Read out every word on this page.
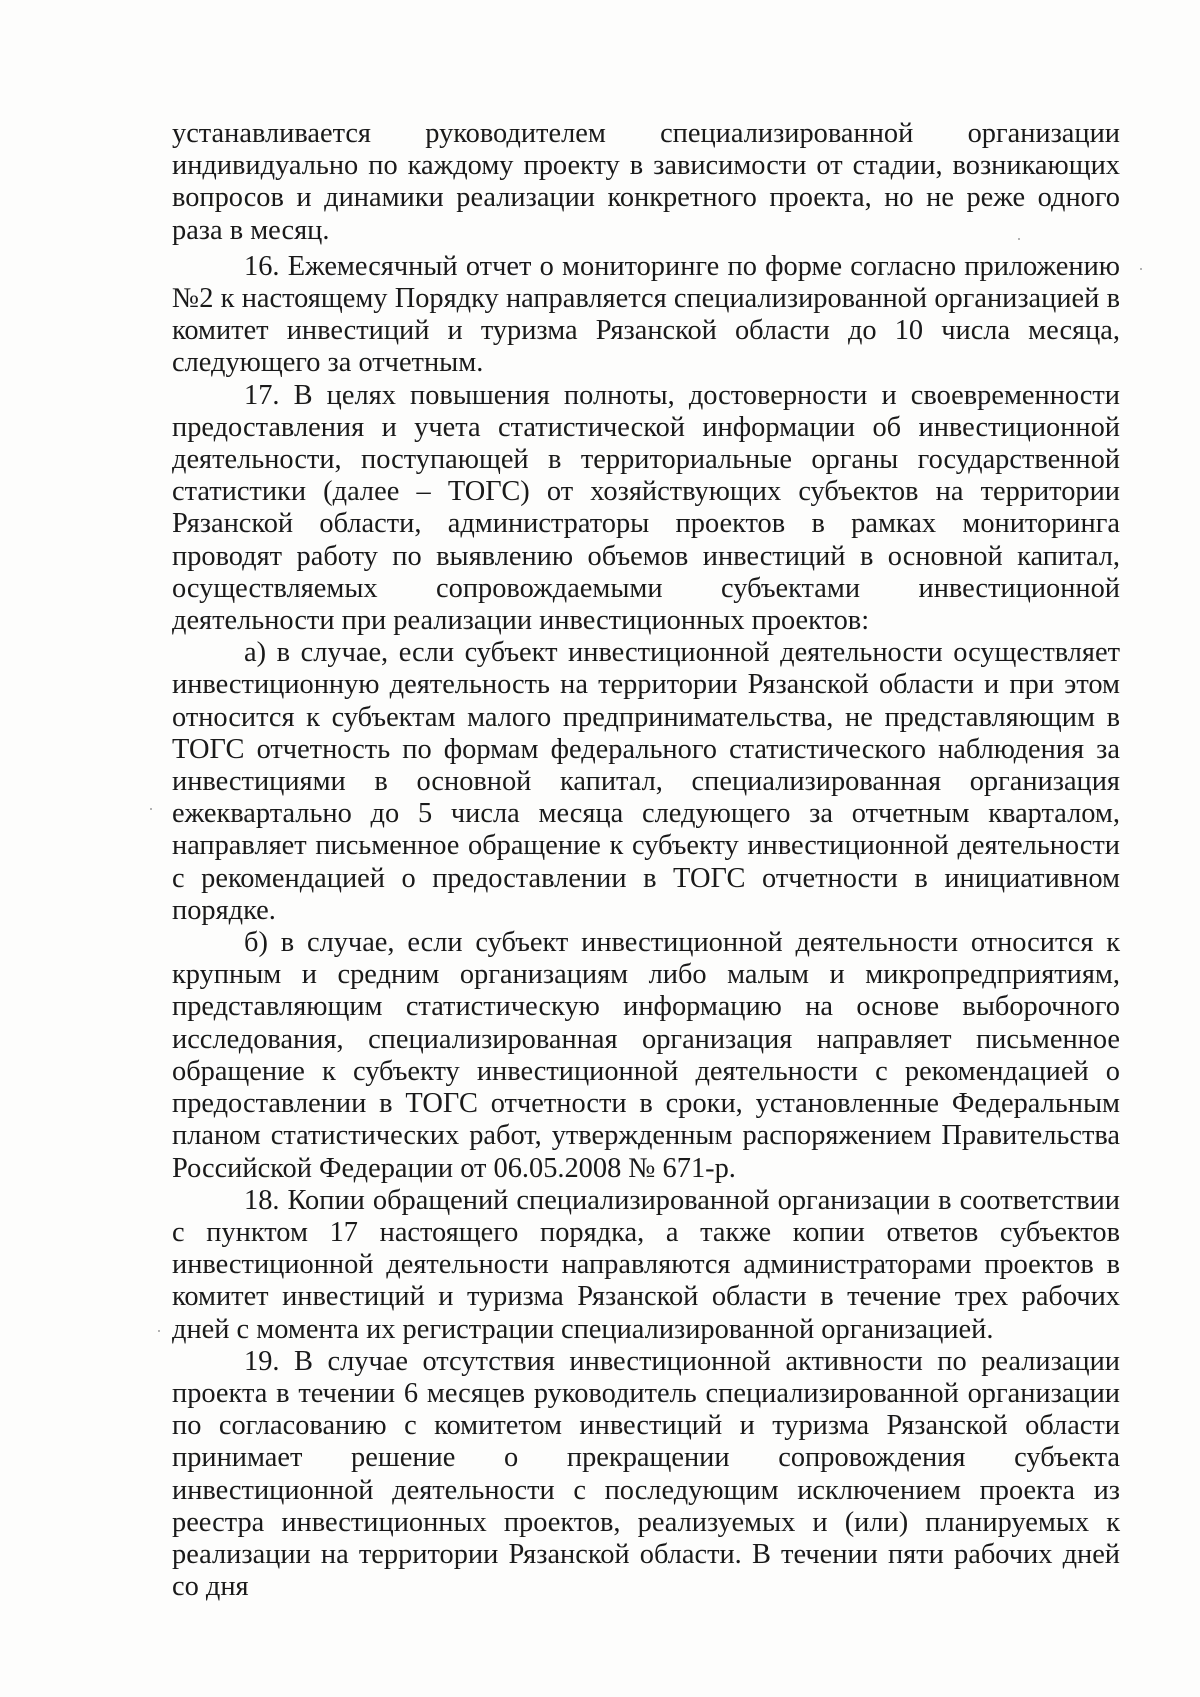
устанавливается руководителем специализированной организации индивидуально по каждому проекту в зависимости от стадии, возникающих вопросов и динамики реализации конкретного проекта, но не реже одного раза в месяц.

16. Ежемесячный отчет о мониторинге по форме согласно приложению №2 к настоящему Порядку направляется специализированной организацией в комитет инвестиций и туризма Рязанской области до 10 числа месяца, следующего за отчетным.

17. В целях повышения полноты, достоверности и своевременности предоставления и учета статистической информации об инвестиционной деятельности, поступающей в территориальные органы государственной статистики (далее – ТОГС) от хозяйствующих субъектов на территории Рязанской области, администраторы проектов в рамках мониторинга проводят работу по выявлению объемов инвестиций в основной капитал, осуществляемых сопровождаемыми субъектами инвестиционной деятельности при реализации инвестиционных проектов:

а) в случае, если субъект инвестиционной деятельности осуществляет инвестиционную деятельность на территории Рязанской области и при этом относится к субъектам малого предпринимательства, не представляющим в ТОГС отчетность по формам федерального статистического наблюдения за инвестициями в основной капитал, специализированная организация ежеквартально до 5 числа месяца следующего за отчетным кварталом, направляет письменное обращение к субъекту инвестиционной деятельности с рекомендацией о предоставлении в ТОГС отчетности в инициативном порядке.

б) в случае, если субъект инвестиционной деятельности относится к крупным и средним организациям либо малым и микропредприятиям, представляющим статистическую информацию на основе выборочного исследования, специализированная организация направляет письменное обращение к субъекту инвестиционной деятельности с рекомендацией о предоставлении в ТОГС отчетности в сроки, установленные Федеральным планом статистических работ, утвержденным распоряжением Правительства Российской Федерации от 06.05.2008 № 671-р.

18. Копии обращений специализированной организации в соответствии с пунктом 17 настоящего порядка, а также копии ответов субъектов инвестиционной деятельности направляются администраторами проектов в комитет инвестиций и туризма Рязанской области в течение трех рабочих дней с момента их регистрации специализированной организацией.

19. В случае отсутствия инвестиционной активности по реализации проекта в течении 6 месяцев руководитель специализированной организации по согласованию с комитетом инвестиций и туризма Рязанской области принимает решение о прекращении сопровождения субъекта инвестиционной деятельности с последующим исключением проекта из реестра инвестиционных проектов, реализуемых и (или) планируемых к реализации на территории Рязанской области. В течении пяти рабочих дней со дня
